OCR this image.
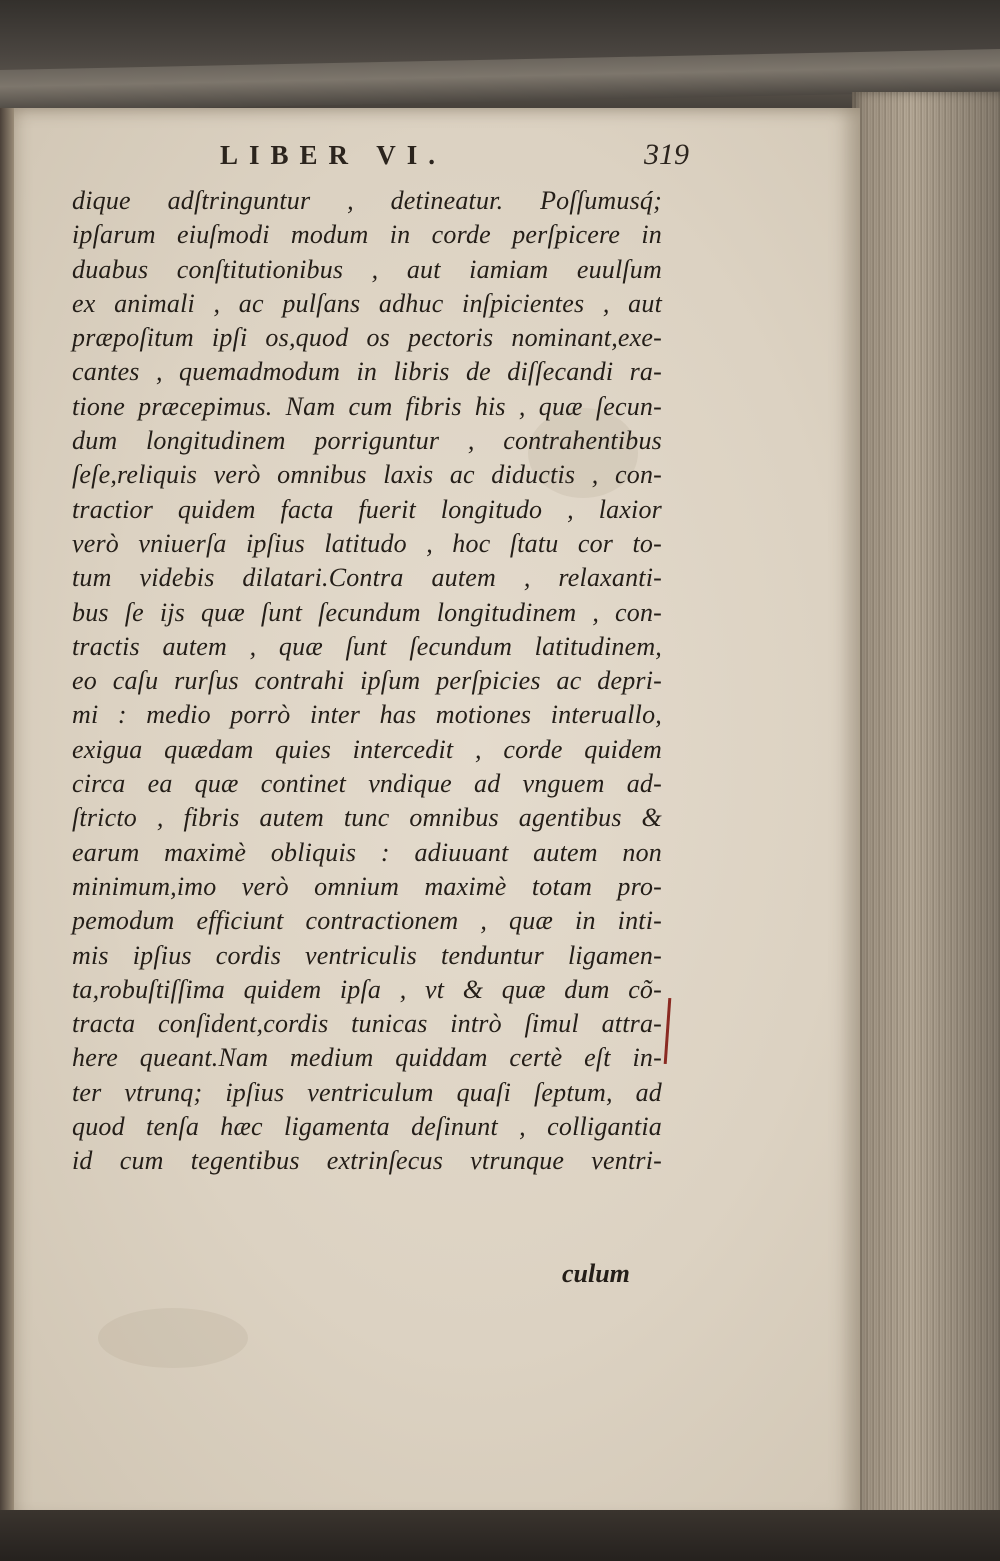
LIBER VI.	319
dique adſtringuntur , detineatur. Poſſumusq́;
ipſarum eiuſmodi modum in corde perſpicere in
duabus conſtitutionibus , aut iamiam euulſum
ex animali , ac pulſans adhuc inſpicientes , aut
præpoſitum ipſi os,quod os pectoris nominant,exe-
cantes , quemadmodum in libris de diſſecandi ra-
tione præcepimus. Nam cum fibris his , quæ ſecun-
dum longitudinem porriguntur , contrahentibus
ſeſe,reliquis verò omnibus laxis ac diductis , con-
tractior quidem facta fuerit longitudo , laxior
verò vniuerſa ipſius latitudo , hoc ſtatu cor to-
tum videbis dilatari.Contra autem , relaxanti-
bus ſe ijs quæ ſunt ſecundum longitudinem , con-
tractis autem , quæ ſunt ſecundum latitudinem,
eo caſu rurſus contrahi ipſum perſpicies ac depri-
mi : medio porrò inter has motiones interuallo,
exigua quædam quies intercedit , corde quidem
circa ea quæ continet vndique ad vnguem ad-
ſtricto , fibris autem tunc omnibus agentibus &
earum maximè obliquis : adiuuant autem non
minimum,imo verò omnium maximè totam pro-
pemodum efficiunt contractionem , quæ in inti-
mis ipſius cordis ventriculis tenduntur ligamen-
ta,robuſtiſſima quidem ipſa , vt & quæ dum cõ-
tracta conſident,cordis tunicas intrò ſimul attra-
here queant.Nam medium quiddam certè eſt in-
ter vtrunq; ipſius ventriculum quaſi ſeptum, ad
quod tenſa hæc ligamenta deſinunt , colligantia
id cum tegentibus extrinſecus vtrunque ventri-
culum
